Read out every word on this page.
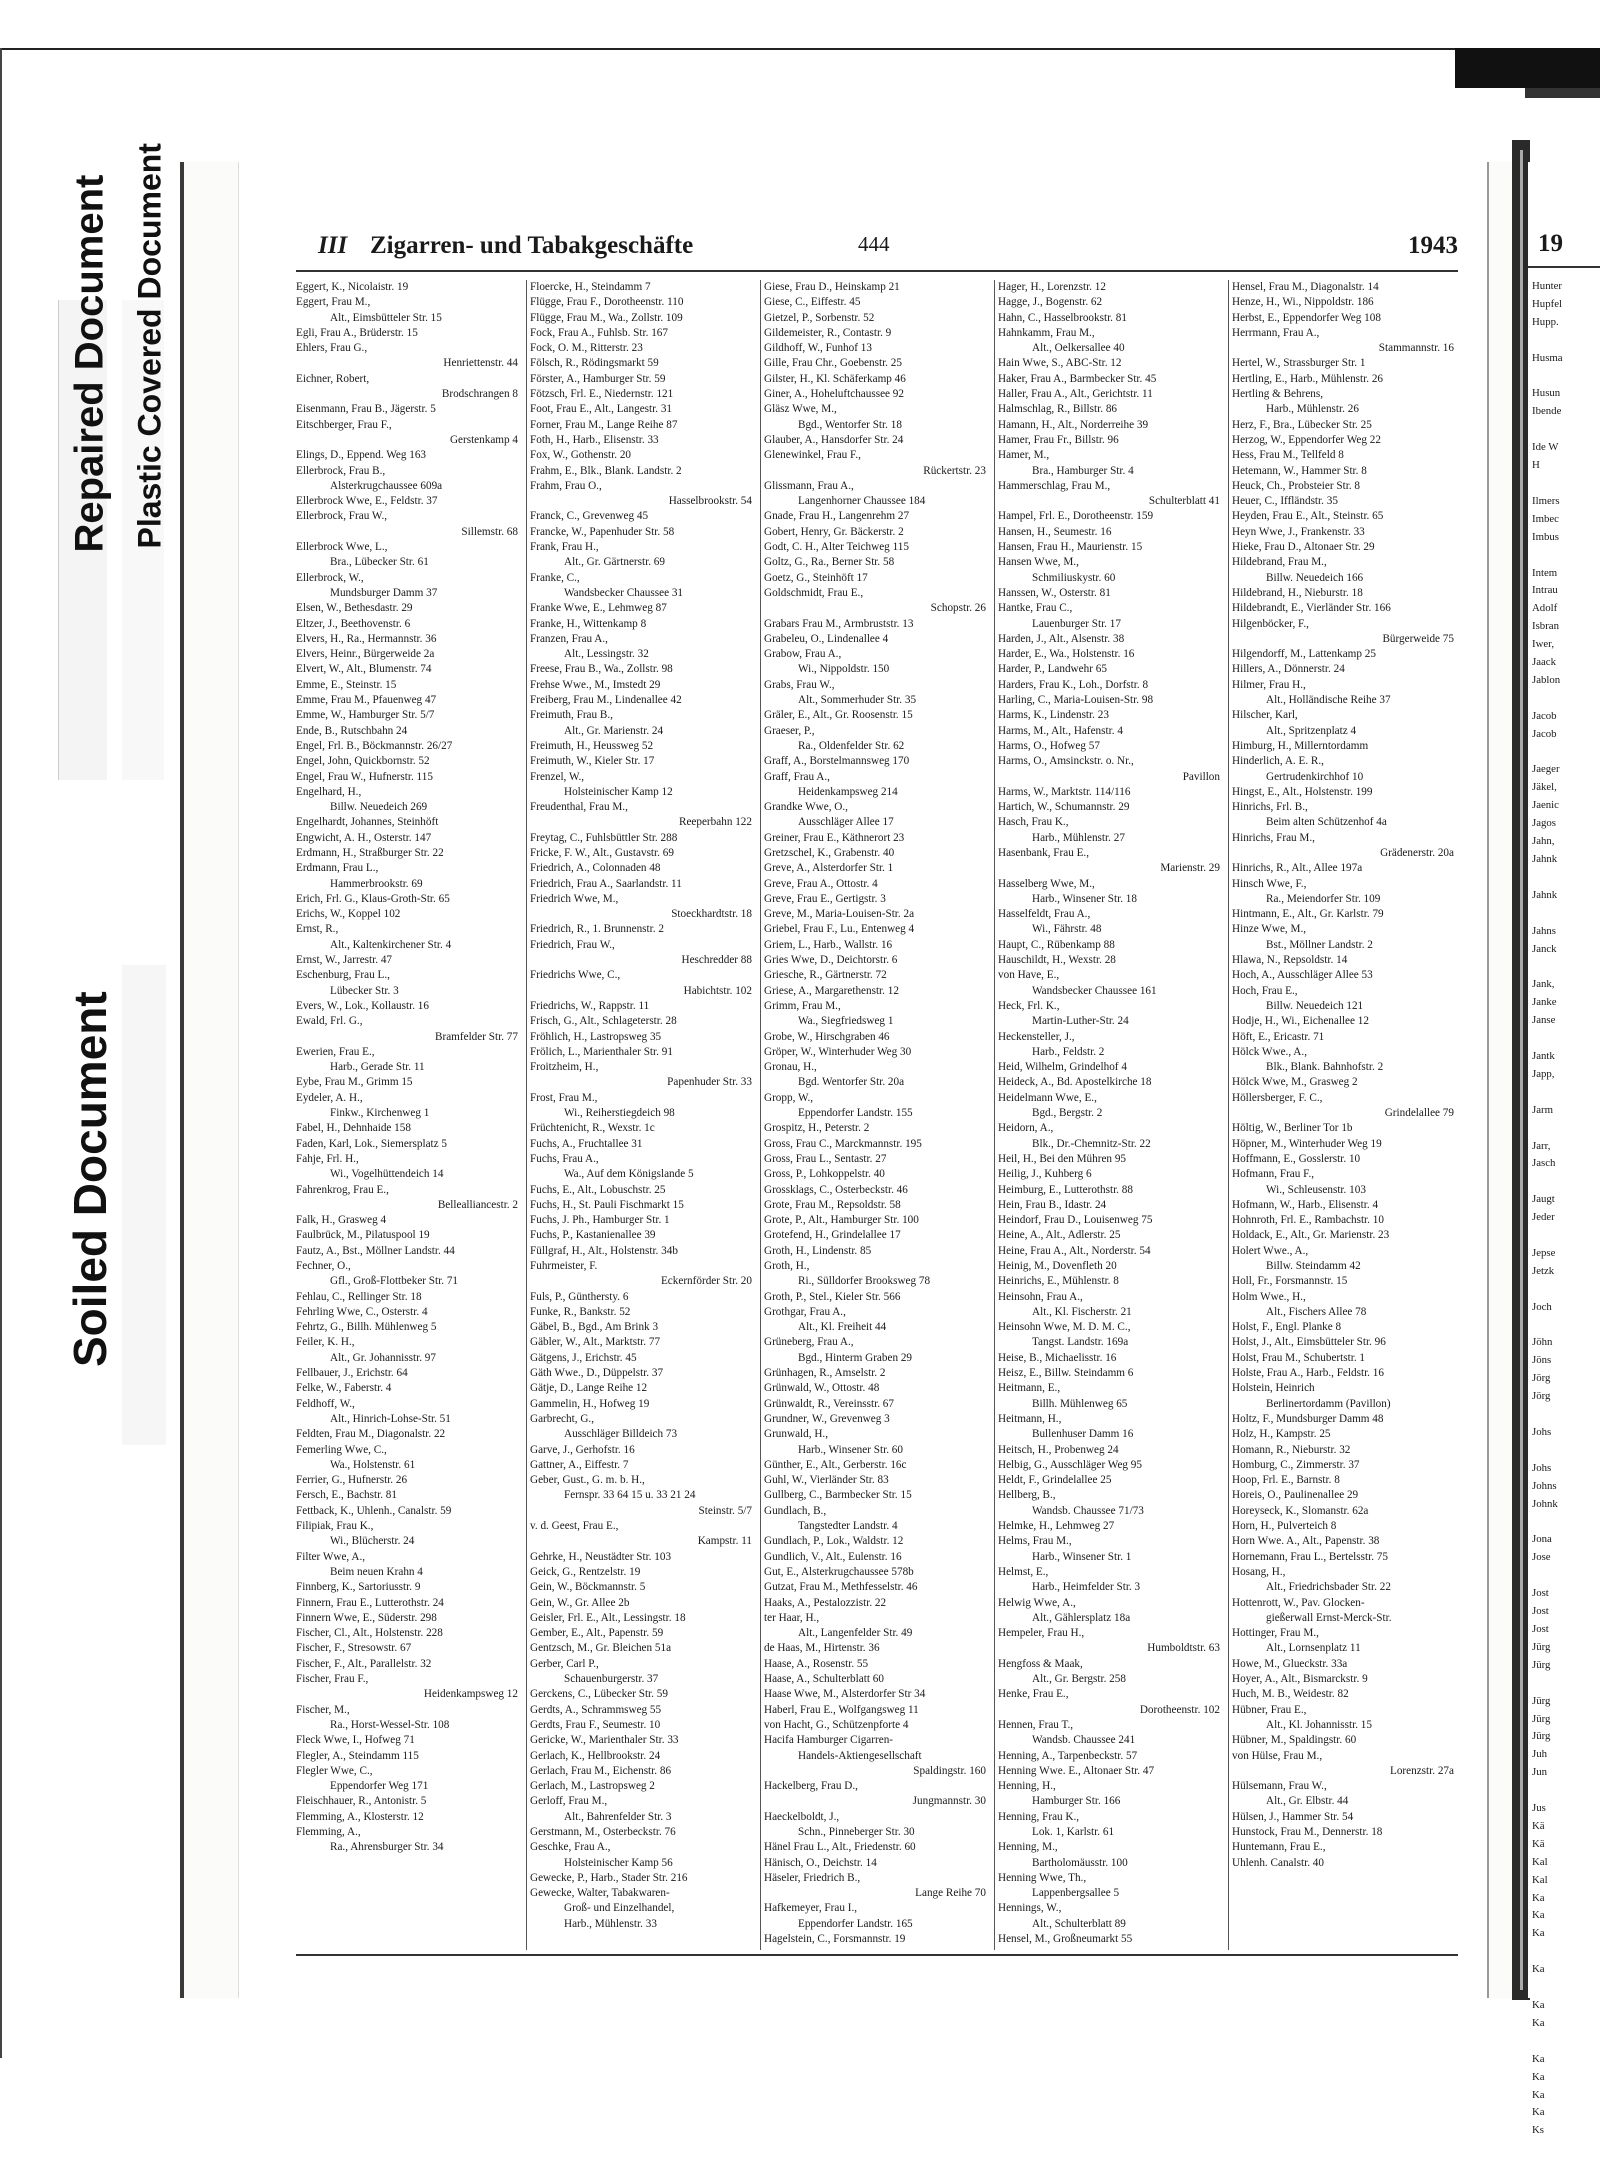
Repaired Document Plastic Covered Document
Soiled Document
III Zigarren- und Tabakgeschäfte	444	1943
Eggert, K., Nicolaistr. 19
Eggert, Frau M.,
Alt., Eimsbütteler Str. 15
Egli, Frau A., Brüderstr. 15
Ehlers, Frau G.,
Henriettenstr. 44
Eichner, Robert,
Brodschrangen 8
Eisenmann, Frau B., Jägerstr. 5
Eitschberger, Frau F.,
Gerstenkamp 4
Elings, D., Eppend. Weg 163
Ellerbrock, Frau B.,
Alsterkrugchaussee 609a
Ellerbrock Wwe, E., Feldstr. 37
Ellerbrock, Frau W.,
Sillemstr. 68
Ellerbrock Wwe, L.,
Bra., Lübecker Str. 61
Ellerbrock, W.,
Mundsburger Damm 37
Elsen, W., Bethesdastr. 29
Eltzer, J., Beethovenstr. 6
Elvers, H., Ra., Hermannstr. 36
Elvers, Heinr., Bürgerweide 2a
Elvert, W., Alt., Blumenstr. 74
Emme, E., Steinstr. 15
Emme, Frau M., Pfauenweg 47
Emme, W., Hamburger Str. 5/7
Ende, B., Rutschbahn 24
Engel, Frl. B., Böckmannstr. 26/27
Engel, John, Quickbornstr. 52
Engel, Frau W., Hufnerstr. 115
Engelhard, H.,
Billw. Neuedeich 269
Engelhardt, Johannes, Steinhöft
Engwicht, A. H., Osterstr. 147
Erdmann, H., Straßburger Str. 22
Erdmann, Frau L.,
Hammerbrookstr. 69
Erich, Frl. G., Klaus-Groth-Str. 65
Erichs, W., Koppel 102
Ernst, R.,
Alt., Kaltenkirchener Str. 4
Ernst, W., Jarrestr. 47
Eschenburg, Frau L.,
Lübecker Str. 3
Evers, W., Lok., Kollaustr. 16
Ewald, Frl. G.,
Bramfelder Str. 77
Ewerien, Frau E.,
Harb., Gerade Str. 11
Eybe, Frau M., Grimm 15
Eydeler, A. H.,
Finkw., Kirchenweg 1
Fabel, H., Dehnhaide 158
Faden, Karl, Lok., Siemersplatz 5
Fahje, Frl. H.,
Wi., Vogelhüttendeich 14
Fahrenkrog, Frau E.,
Bellealliancestr. 2
Falk, H., Grasweg 4
Faulbrück, M., Pilatuspool 19
Fautz, A., Bst., Möllner Landstr. 44
Fechner, O.,
Gfl., Groß-Flottbeker Str. 71
Fehlau, C., Rellinger Str. 18
Fehrling Wwe, C., Osterstr. 4
Fehrtz, G., Billh. Mühlenweg 5
Feiler, K. H.,
Alt., Gr. Johannisstr. 97
Fellbauer, J., Erichstr. 64
Felke, W., Faberstr. 4
Feldhoff, W.,
Alt., Hinrich-Lohse-Str. 51
Feldten, Frau M., Diagonalstr. 22
Femerling Wwe, C.,
Wa., Holstenstr. 61
Ferrier, G., Hufnerstr. 26
Fersch, E., Bachstr. 81
Fettback, K., Uhlenh., Canalstr. 59
Filipiak, Frau K.,
Wi., Blücherstr. 24
Filter Wwe, A.,
Beim neuen Krahn 4
Finnberg, K., Sartoriusstr. 9
Finnern, Frau E., Lutterothstr. 24
Finnern Wwe, E., Süderstr. 298
Fischer, Cl., Alt., Holstenstr. 228
Fischer, F., Stresowstr. 67
Fischer, F., Alt., Parallelstr. 32
Fischer, Frau F.,
Heidenkampsweg 12
Fischer, M.,
Ra., Horst-Wessel-Str. 108
Fleck Wwe, I., Hofweg 71
Flegler, A., Steindamm 115
Flegler Wwe, C.,
Eppendorfer Weg 171
Fleischhauer, R., Antonistr. 5
Flemming, A., Klosterstr. 12
Flemming, A.,
Ra., Ahrensburger Str. 34
Floercke, H., Steindamm 7
Flügge, Frau F., Dorotheenstr. 110
Flügge, Frau M., Wa., Zollstr. 109
Fock, Frau A., Fuhlsb. Str. 167
Fock, O. M., Ritterstr. 23
Fölsch, R., Rödingsmarkt 59
Förster, A., Hamburger Str. 59
Fötzsch, Frl. E., Niedernstr. 121
Foot, Frau E., Alt., Langestr. 31
Forner, Frau M., Lange Reihe 87
Foth, H., Harb., Elisenstr. 33
Fox, W., Gothenstr. 20
Frahm, E., Blk., Blank. Landstr. 2
Frahm, Frau O.,
Hasselbrookstr. 54
Franck, C., Grevenweg 45
Francke, W., Papenhuder Str. 58
Frank, Frau H.,
Alt., Gr. Gärtnerstr. 69
Franke, C.,
Wandsbecker Chaussee 31
Franke Wwe, E., Lehmweg 87
Franke, H., Wittenkamp 8
Franzen, Frau A.,
Alt., Lessingstr. 32
Freese, Frau B., Wa., Zollstr. 98
Frehse Wwe., M., Imstedt 29
Freiberg, Frau M., Lindenallee 42
Freimuth, Frau B.,
Alt., Gr. Marienstr. 24
Freimuth, H., Heussweg 52
Freimuth, W., Kieler Str. 17
Frenzel, W.,
Holsteinischer Kamp 12
Freudenthal, Frau M.,
Reeperbahn 122
Freytag, C., Fuhlsbüttler Str. 288
Fricke, F. W., Alt., Gustavstr. 69
Friedrich, A., Colonnaden 48
Friedrich, Frau A., Saarlandstr. 11
Friedrich Wwe, M.,
Stoeckhardtstr. 18
Friedrich, R., 1. Brunnenstr. 2
Friedrich, Frau W.,
Heschredder 88
Friedrichs Wwe, C.,
Habichtstr. 102
Friedrichs, W., Rappstr. 11
Frisch, G., Alt., Schlageterstr. 28
Fröhlich, H., Lastropsweg 35
Frölich, L., Marienthaler Str. 91
Froitzheim, H.,
Papenhuder Str. 33
Frost, Frau M.,
Wi., Reiherstiegdeich 98
Früchtenicht, R., Wexstr. 1c
Fuchs, A., Fruchtallee 31
Fuchs, Frau A.,
Wa., Auf dem Königslande 5
Fuchs, E., Alt., Lobuschstr. 25
Fuchs, H., St. Pauli Fischmarkt 15
Fuchs, J. Ph., Hamburger Str. 1
Fuchs, P., Kastanienallee 39
Füllgraf, H., Alt., Holstenstr. 34b
Fuhrmeister, F.
Eckernförder Str. 20
Fuls, P., Günthersty. 6
Funke, R., Bankstr. 52
Gäbel, B., Bgd., Am Brink 3
Gäbler, W., Alt., Marktstr. 77
Gätgens, J., Erichstr. 45
Gäth Wwe., D., Düppelstr. 37
Gätje, D., Lange Reihe 12
Gammelin, H., Hofweg 19
Garbrecht, G.,
Ausschläger Billdeich 73
Garve, J., Gerhofstr. 16
Gattner, A., Eiffestr. 7
Geber, Gust., G. m. b. H.,
Fernspr. 33 64 15 u. 33 21 24
Steinstr. 5/7
v. d. Geest, Frau E.,
Kampstr. 11
Gehrke, H., Neustädter Str. 103
Geick, G., Rentzelstr. 19
Gein, W., Böckmannstr. 5
Gein, W., Gr. Allee 2b
Geisler, Frl. E., Alt., Lessingstr. 18
Gember, E., Alt., Papenstr. 59
Gentzsch, M., Gr. Bleichen 51a
Gerber, Carl P.,
Schauenburgerstr. 37
Gerckens, C., Lübecker Str. 59
Gerdts, A., Schrammsweg 55
Gerdts, Frau F., Seumestr. 10
Gericke, W., Marienthaler Str. 33
Gerlach, K., Hellbrookstr. 24
Gerlach, Frau M., Eichenstr. 86
Gerlach, M., Lastropsweg 2
Gerloff, Frau M.,
Alt., Bahrenfelder Str. 3
Gerstmann, M., Osterbeckstr. 76
Geschke, Frau A.,
Holsteinischer Kamp 56
Gewecke, P., Harb., Stader Str. 216
Gewecke, Walter, Tabakwaren-
Groß- und Einzelhandel,
Harb., Mühlenstr. 33
Giese, Frau D., Heinskamp 21
Giese, C., Eiffestr. 45
Gietzel, P., Sorbenstr. 52
Gildemeister, R., Contastr. 9
Gildhoff, W., Funhof 13
Gille, Frau Chr., Goebenstr. 25
Gilster, H., Kl. Schäferkamp 46
Giner, A., Hoheluftchaussee 92
Gläsz Wwe, M.,
Bgd., Wentorfer Str. 18
Glauber, A., Hansdorfer Str. 24
Glenewinkel, Frau F.,
Rückertstr. 23
Glissmann, Frau A.,
Langenhorner Chaussee 184
Gnade, Frau H., Langenrehm 27
Gobert, Henry, Gr. Bäckerstr. 2
Godt, C. H., Alter Teichweg 115
Goltz, G., Ra., Berner Str. 58
Goetz, G., Steinhöft 17
Goldschmidt, Frau E.,
Schopstr. 26
Grabars Frau M., Armbruststr. 13
Grabeleu, O., Lindenallee 4
Grabow, Frau A.,
Wi., Nippoldstr. 150
Grabs, Frau W.,
Alt., Sommerhuder Str. 35
Gräler, E., Alt., Gr. Roosenstr. 15
Graeser, P.,
Ra., Oldenfelder Str. 62
Graff, A., Borstelmannsweg 170
Graff, Frau A.,
Heidenkampsweg 214
Grandke Wwe, O.,
Ausschläger Allee 17
Greiner, Frau E., Käthnerort 23
Gretzschel, K., Grabenstr. 40
Greve, A., Alsterdorfer Str. 1
Greve, Frau A., Ottostr. 4
Greve, Frau E., Gertigstr. 3
Greve, M., Maria-Louisen-Str. 2a
Griebel, Frau F., Lu., Entenweg 4
Griem, L., Harb., Wallstr. 16
Gries Wwe, D., Deichtorstr. 6
Griesche, R., Gärtnerstr. 72
Griese, A., Margarethenstr. 12
Grimm, Frau M.,
Wa., Siegfriedsweg 1
Grobe, W., Hirschgraben 46
Gröper, W., Winterhuder Weg 30
Gronau, H.,
Bgd. Wentorfer Str. 20a
Gropp, W.,
Eppendorfer Landstr. 155
Grospitz, H., Peterstr. 2
Gross, Frau C., Marckmannstr. 195
Gross, Frau L., Sentastr. 27
Gross, P., Lohkoppelstr. 40
Grossklags, C., Osterbeckstr. 46
Grote, Frau M., Repsoldstr. 58
Grote, P., Alt., Hamburger Str. 100
Grotefend, H., Grindelallee 17
Groth, H., Lindenstr. 85
Groth, H.,
Ri., Sülldorfer Brooksweg 78
Groth, P., Stel., Kieler Str. 566
Grothgar, Frau A.,
Alt., Kl. Freiheit 44
Grüneberg, Frau A.,
Bgd., Hinterm Graben 29
Grünhagen, R., Amselstr. 2
Grünwald, W., Ottostr. 48
Grünwaldt, R., Vereinsstr. 67
Grundner, W., Grevenweg 3
Grunwald, H.,
Harb., Winsener Str. 60
Günther, E., Alt., Gerberstr. 16c
Guhl, W., Vierländer Str. 83
Gullberg, C., Barmbecker Str. 15
Gundlach, B.,
Tangstedter Landstr. 4
Gundlach, P., Lok., Waldstr. 12
Gundlich, V., Alt., Eulenstr. 16
Gut, E., Alsterkrugchaussee 578b
Gutzat, Frau M., Methfesselstr. 46
Haaks, A., Pestalozzistr. 22
ter Haar, H.,
Alt., Langenfelder Str. 49
de Haas, M., Hirtenstr. 36
Haase, A., Rosenstr. 55
Haase, A., Schulterblatt 60
Haase Wwe, M., Alsterdorfer Str 34
Haberl, Frau E., Wolfgangsweg 11
von Hacht, G., Schützenpforte 4
Hacifa Hamburger Cigarren-
Handels-Aktiengesellschaft
Spaldingstr. 160
Hackelberg, Frau D.,
Jungmannstr. 30
Haeckelboldt, J.,
Schn., Pinneberger Str. 30
Hänel Frau L., Alt., Friedenstr. 60
Hänisch, O., Deichstr. 14
Häseler, Friedrich B.,
Lange Reihe 70
Hafkemeyer, Frau I.,
Eppendorfer Landstr. 165
Hagelstein, C., Forsmannstr. 19
Hager, H., Lorenzstr. 12
Hagge, J., Bogenstr. 62
Hahn, C., Hasselbrookstr. 81
Hahnkamm, Frau M.,
Alt., Oelkersallee 40
Hain Wwe, S., ABC-Str. 12
Haker, Frau A., Barmbecker Str. 45
Haller, Frau A., Alt., Gerichtstr. 11
Halmschlag, R., Billstr. 86
Hamann, H., Alt., Norderreihe 39
Hamer, Frau Fr., Billstr. 96
Hamer, M.,
Bra., Hamburger Str. 4
Hammerschlag, Frau M.,
Schulterblatt 41
Hampel, Frl. E., Dorotheenstr. 159
Hansen, H., Seumestr. 16
Hansen, Frau H., Maurienstr. 15
Hansen Wwe, M.,
Schmiliuskystr. 60
Hanssen, W., Osterstr. 81
Hantke, Frau C.,
Lauenburger Str. 17
Harden, J., Alt., Alsenstr. 38
Harder, E., Wa., Holstenstr. 16
Harder, P., Landwehr 65
Harders, Frau K., Loh., Dorfstr. 8
Harling, C., Maria-Louisen-Str. 98
Harms, K., Lindenstr. 23
Harms, M., Alt., Hafenstr. 4
Harms, O., Hofweg 57
Harms, O., Amsinckstr. o. Nr.,
Pavillon
Harms, W., Marktstr. 114/116
Hartich, W., Schumannstr. 29
Hasch, Frau K.,
Harb., Mühlenstr. 27
Hasenbank, Frau E.,
Marienstr. 29
Hasselberg Wwe, M.,
Harb., Winsener Str. 18
Hasselfeldt, Frau A.,
Wi., Fährstr. 48
Haupt, C., Rübenkamp 88
Hauschildt, H., Wexstr. 28
von Have, E.,
Wandsbecker Chaussee 161
Heck, Frl. K.,
Martin-Luther-Str. 24
Heckensteller, J.,
Harb., Feldstr. 2
Heid, Wilhelm, Grindelhof 4
Heideck, A., Bd. Apostelkirche 18
Heidelmann Wwe, E.,
Bgd., Bergstr. 2
Heidorn, A.,
Blk., Dr.-Chemnitz-Str. 22
Heil, H., Bei den Mühren 95
Heilig, J., Kuhberg 6
Heimburg, E., Lutterothstr. 88
Hein, Frau B., Idastr. 24
Heindorf, Frau D., Louisenweg 75
Heine, A., Alt., Adlerstr. 25
Heine, Frau A., Alt., Norderstr. 54
Heinig, M., Dovenfleth 20
Heinrichs, E., Mühlenstr. 8
Heinsohn, Frau A.,
Alt., Kl. Fischerstr. 21
Heinsohn Wwe, M. D. M. C.,
Tangst. Landstr. 169a
Heise, B., Michaelisstr. 16
Heisz, E., Billw. Steindamm 6
Heitmann, E.,
Billh. Mühlenweg 65
Heitmann, H.,
Bullenhuser Damm 16
Heitsch, H., Probenweg 24
Helbig, G., Ausschläger Weg 95
Heldt, F., Grindelallee 25
Hellberg, B.,
Wandsb. Chaussee 71/73
Helmke, H., Lehmweg 27
Helms, Frau M.,
Harb., Winsener Str. 1
Helmst, E.,
Harb., Heimfelder Str. 3
Helwig Wwe, A.,
Alt., Gählersplatz 18a
Hempeler, Frau H.,
Humboldtstr. 63
Hengfoss & Maak,
Alt., Gr. Bergstr. 258
Henke, Frau E.,
Dorotheenstr. 102
Hennen, Frau T.,
Wandsb. Chaussee 241
Henning, A., Tarpenbeckstr. 57
Henning Wwe. E., Altonaer Str. 47
Henning, H.,
Hamburger Str. 166
Henning, Frau K.,
Lok. 1, Karlstr. 61
Henning, M.,
Bartholomäusstr. 100
Henning Wwe, Th.,
Lappenbergsallee 5
Hennings, W.,
Alt., Schulterblatt 89
Hensel, M., Großneumarkt 55
Hensel, Frau M., Diagonalstr. 14
Henze, H., Wi., Nippoldstr. 186
Herbst, E., Eppendorfer Weg 108
Herrmann, Frau A.,
Stammannstr. 16
Hertel, W., Strassburger Str. 1
Hertling, E., Harb., Mühlenstr. 26
Hertling & Behrens,
Harb., Mühlenstr. 26
Herz, F., Bra., Lübecker Str. 25
Herzog, W., Eppendorfer Weg 22
Hess, Frau M., Tellfeld 8
Hetemann, W., Hammer Str. 8
Heuck, Ch., Probsteier Str. 8
Heuer, C., Iffländstr. 35
Heyden, Frau E., Alt., Steinstr. 65
Heyn Wwe, J., Frankenstr. 33
Hieke, Frau D., Altonaer Str. 29
Hildebrand, Frau M.,
Billw. Neuedeich 166
Hildebrand, H., Nieburstr. 18
Hildebrandt, E., Vierländer Str. 166
Hilgenböcker, F.,
Bürgerweide 75
Hilgendorff, M., Lattenkamp 25
Hillers, A., Dönnerstr. 24
Hilmer, Frau H.,
Alt., Holländische Reihe 37
Hilscher, Karl,
Alt., Spritzenplatz 4
Himburg, H., Millerntordamm
Hinderlich, A. E. R.,
Gertrudenkirchhof 10
Hingst, E., Alt., Holstenstr. 199
Hinrichs, Frl. B.,
Beim alten Schützenhof 4a
Hinrichs, Frau M.,
Grädenerstr. 20a
Hinrichs, R., Alt., Allee 197a
Hinsch Wwe, F.,
Ra., Meiendorfer Str. 109
Hintmann, E., Alt., Gr. Karlstr. 79
Hinze Wwe, M.,
Bst., Möllner Landstr. 2
Hlawa, N., Repsoldstr. 14
Hoch, A., Ausschläger Allee 53
Hoch, Frau E.,
Billw. Neuedeich 121
Hodje, H., Wi., Eichenallee 12
Höft, E., Ericastr. 71
Hölck Wwe., A.,
Blk., Blank. Bahnhofstr. 2
Hölck Wwe, M., Grasweg 2
Höllersberger, F. C.,
Grindelallee 79
Höltig, W., Berliner Tor 1b
Höpner, M., Winterhuder Weg 19
Hoffmann, E., Gosslerstr. 10
Hofmann, Frau F.,
Wi., Schleusenstr. 103
Hofmann, W., Harb., Elisenstr. 4
Hohnroth, Frl. E., Rambachstr. 10
Holdack, E., Alt., Gr. Marienstr. 23
Holert Wwe., A.,
Billw. Steindamm 42
Holl, Fr., Forsmannstr. 15
Holm Wwe., H.,
Alt., Fischers Allee 78
Holst, F., Engl. Planke 8
Holst, J., Alt., Eimsbütteler Str. 96
Holst, Frau M., Schubertstr. 1
Holste, Frau A., Harb., Feldstr. 16
Holstein, Heinrich
Berlinertordamm (Pavillon)
Holtz, F., Mundsburger Damm 48
Holz, H., Kampstr. 25
Homann, R., Nieburstr. 32
Homburg, C., Zimmerstr. 37
Hoop, Frl. E., Barnstr. 8
Horeis, O., Paulinenallee 29
Horeyseck, K., Slomanstr. 62a
Horn, H., Pulverteich 8
Horn Wwe. A., Alt., Papenstr. 38
Hornemann, Frau L., Bertelsstr. 75
Hosang, H.,
Alt., Friedrichsbader Str. 22
Hottenrott, W., Pav. Glocken-
gießerwall Ernst-Merck-Str.
Hottinger, Frau M.,
Alt., Lornsenplatz 11
Howe, M., Glueckstr. 33a
Hoyer, A., Alt., Bismarckstr. 9
Huch, M. B., Weidestr. 82
Hübner, Frau E.,
Alt., Kl. Johannisstr. 15
Hübner, M., Spaldingstr. 60
von Hülse, Frau M.,
Lorenzstr. 27a
Hülsemann, Frau W.,
Alt., Gr. Elbstr. 44
Hülsen, J., Hammer Str. 54
Hunstock, Frau M., Dennerstr. 18
Huntemann, Frau E.,
Uhlenh. Canalstr. 40
19
Hunter
Hupfel
Hupp.

Husma

Husun
Ibende

Ide W
H

Ilmers
Imbec
Imbus

Intem
Intrau
Adolf
Isbran
Iwer,
Jaack
Jablon

Jacob
Jacob

Jaeger
Jäkel,
Jaenic
Jagos
Jahn,
Jahnk

Jahnk

Jahns
Janck

Jank,
Janke
Janse

Jantk
Japp,

Jarm

Jarr,
Jasch

Jaugt
Jeder

Jepse
Jetzk

Joch

Jöhn
Jöns
Jörg
Jörg

Johs

Johs
Johns
Johnk

Jona
Jose

Jost
Jost
Jost
Jürg
Jürg

Jürg
Jürg
Jürg
Juh
Jun

Jus
Kä
Kä
Kal
Kal
Ka
Ka
Ka

Ka

Ka
Ka

Ka
Ka
Ka
Ka
Ks
